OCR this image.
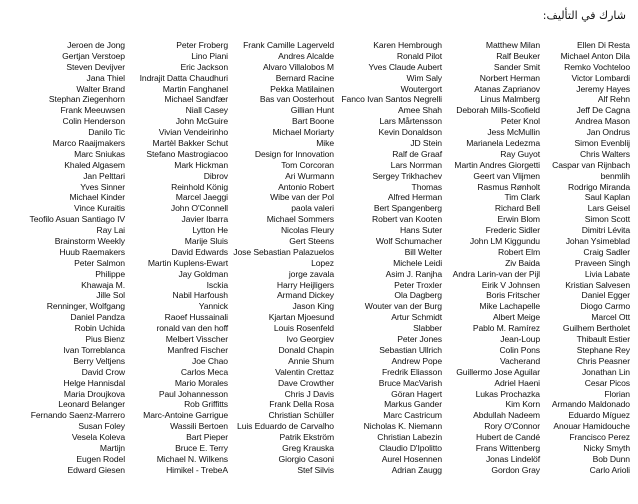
شارك في التأليف:
Jeroen de Jong
Gertjan Verstoep
Steven Devijver
Jana Thiel
Walter Brand
Stephan Ziegenhorn
Frank Meeuwsen
Colin Henderson
Danilo Tic
Marco Raaijmakers
Marc Sniukas
Khaled Algasem
Jan Pelttari
Yves Sinner
Michael Kinder
Vince Kuraitis
Teofilo Asuan Santiago IV
Ray Lai
Brainstorm Weekly
Huub Raemakers
Peter Salmon
Philippe
Khawaja M.
Jille Sol
Renninger, Wolfgang
Daniel Pandza
Robin Uchida
Pius Bienz
Ivan Torreblanca
Berry Veltjens
David Crow
Helge Hannisdal
Maria Droujkova
Leonard Belanger
Fernando Saenz-Marrero
Susan Foley
Vesela Koleva
Martijn
Eugen Rodel
Edward Giesen
Peter Froberg
Lino Piani
Eric Jackson
Indrajit Datta Chaudhuri
Martin Fanghanel
Michael Sandfær
Niall Casey
John McGuire
Vivian Vendeirinho
Martèl Bakker Schut
Stefano Mastrogiacoo
Mark Hickman
Dibrov
Reinhold König
Marcel Jaeggi
John O'Connell
Javier Ibarra
Lytton He
Marije Sluis
David Edwards
Martin Kuplens-Ewart
Jay Goldman
Isckia
Nabil Harfoush
Yannick
Raoef Hussainali
ronald van den hoff
Melbert Visscher
Manfred Fischer
Joe Chao
Carlos Meca
Mario Morales
Paul Johannesson
Rob Griffitts
Marc-Antoine Garrigue
Wassili Bertoen
Bart Pieper
Bruce E. Terry
Michael N. Wilkens
Himikel - TrebeA
Frank Camille Lagerveld
Andres Alcalde
Alvaro Villalobos M
Bernard Racine
Pekka Matilainen
Bas van Oosterhout
Gillian Hunt
Bart Boone
Michael Moriarty
Mike
Design for Innovation
Tom Corcoran
Ari Wurmann
Antonio Robert
Wibe van der Pol
paola valeri
Michael Sommers
Nicolas Fleury
Gert Steens
Jose Sebastian Palazuelos
Lopez
jorge zavala
Harry Heijligers
Armand Dickey
Jason King
Kjartan Mjoesund
Louis Rosenfeld
Ivo Georgiev
Donald Chapin
Annie Shum
Valentin Crettaz
Dave Crowther
Chris J Davis
Frank Della Rosa
Christian Schüller
Luis Eduardo de Carvalho
Patrik Ekström
Greg Krauska
Giorgio Casoni
Stef Silvis
Karen Hembrough
Ronald Pilot
Yves Claude Aubert
Wim Saly
Woutergort
Fanco Ivan Santos Negrelli
Amee Shah
Lars Mårtensson
Kevin Donaldson
JD Stein
Ralf de Graaf
Lars Norrman
Sergey Trikhachev
Thomas
Alfred Herman
Bert Spangenberg
Robert van Kooten
Hans Suter
Wolf Schumacher
Bill Welter
Michele Leidi
Asim J. Ranjha
Peter Troxler
Ola Dagberg
Wouter van der Burg
Artur Schmidt
Slabber
Peter Jones
Sebastian Ullrich
Andrew Pope
Fredrik Eliasson
Bruce MacVarish
Göran Hagert
Markus Gander
Marc Castricum
Nicholas K. Niemann
Christian Labezin
Claudio D'Ipolitto
Aurel Hosennen
Adrian Zaugg
Matthew Milan
Ralf Beuker
Sander Smit
Norbert Herman
Atanas Zaprianov
Linus Malmberg
Deborah Mills-Scofield
Peter Knol
Jess McMullin
Marianela Ledezma
Ray Guyot
Martin Andres Giorgetti
Geert van Vlijmen
Rasmus Rønholt
Tim Clark
Richard Bell
Erwin Blom
Frederic Sidler
John LM Kiggundu
Robert Elm
Ziv Baida
Andra Larin-van der Pijl
Eirik V Johnsen
Boris Fritscher
Mike Lachapelle
Albert Meige
Pablo M. Ramírez
Jean-Loup
Colin Pons
Vacherand
Guillermo Jose Aguilar
Adriel Haeni
Lukas Prochazka
Kim Korn
Abdullah Nadeem
Rory O'Connor
Hubert de Candé
Frans Wittenberg
Jonas Lindelöf
Gordon Gray
Ellen Di Resta
Michael Anton Dila
Remko Vochteloo
Victor Lombardi
Jeremy Hayes
Alf Rehn
Jeff De Cagna
Andrea Mason
Jan Ondrus
Simon Evenblij
Chris Walters
Caspar van Rijnbach
benmlih
Rodrigo Miranda
Saul Kaplan
Lars Geisel
Simon Scott
Dimitri Lévita
Johan Ysimeblad
Craig Sadler
Praveen Singh
Livia Labate
Kristian Salvesen
Daniel Egger
Diogo Carmo
Marcel Ott
Guilhem Bertholet
Thibault Estier
Stephane Rey
Chris Peasner
Jonathan Lin
Cesar Picos
Florian
Armando Maldonado
Eduardo Míguez
Anouar Hamidouche
Francisco Perez
Nicky Smyth
Bob Dunn
Carlo Arioli
